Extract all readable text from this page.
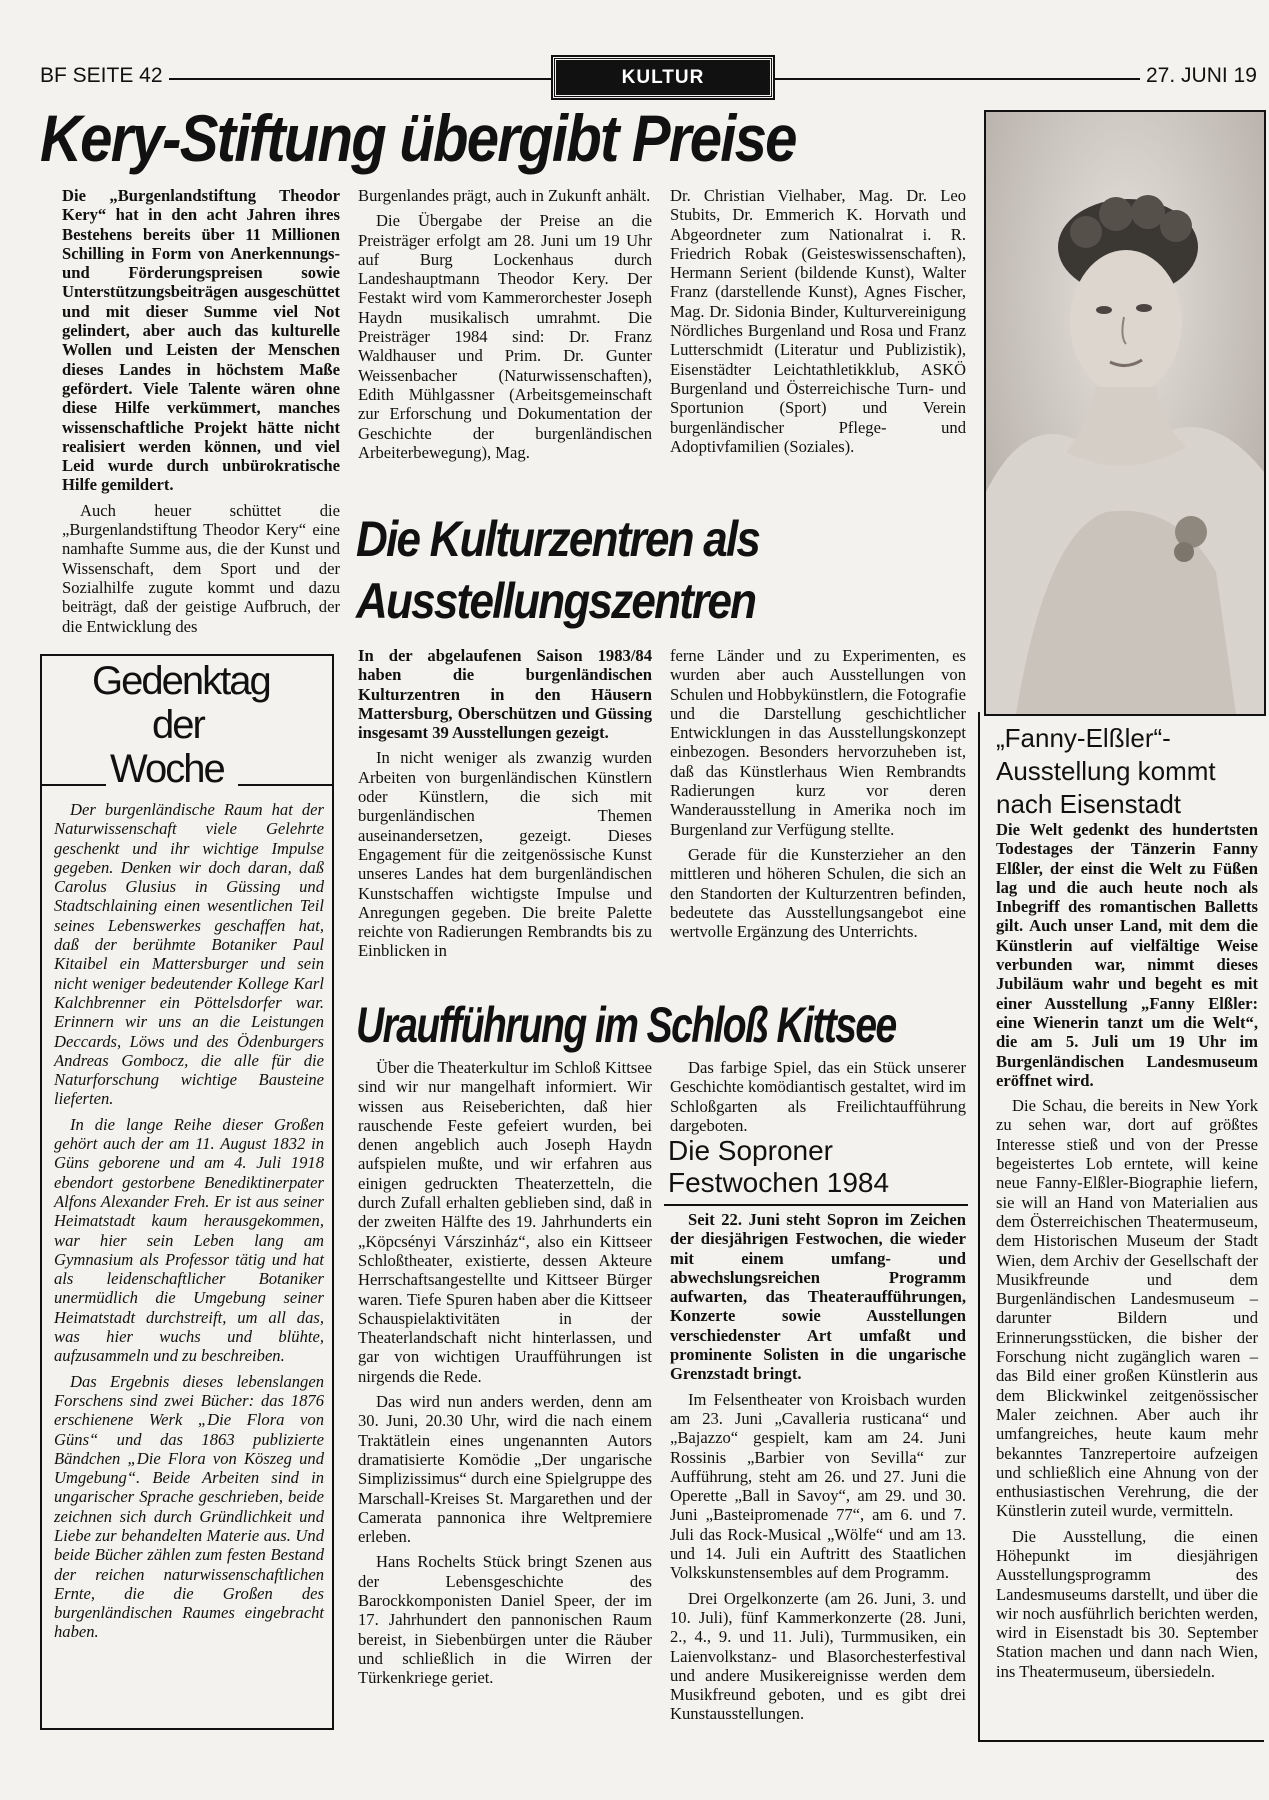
BF SEITE 42	KULTUR	27. JUNI 19
Kery-Stiftung übergibt Preise

Die „Burgenlandstiftung Theodor Kery“ hat in den acht Jahren ihres Bestehens bereits über 11 Millionen Schilling in Form von Anerkennungs- und Förderungspreisen sowie Unterstützungsbeiträgen ausgeschüttet und mit dieser Summe viel Not gelindert, aber auch das kulturelle Wollen und Leisten der Menschen dieses Landes in höchstem Maße gefördert. Viele Talente wären ohne diese Hilfe verkümmert, manches wissenschaftliche Projekt hätte nicht realisiert werden können, und viel Leid wurde durch unbürokratische Hilfe gemildert.

Auch heuer schüttet die „Burgenlandstiftung Theodor Kery“ eine namhafte Summe aus, die der Kunst und Wissenschaft, dem Sport und der Sozialhilfe zugute kommt und dazu beiträgt, daß der geistige Aufbruch, der die Entwicklung des

Burgenlandes prägt, auch in Zukunft anhält.

Die Übergabe der Preise an die Preisträger erfolgt am 28. Juni um 19 Uhr auf Burg Lockenhaus durch Landeshauptmann Theodor Kery. Der Festakt wird vom Kammerorchester Joseph Haydn musikalisch umrahmt. Die Preisträger 1984 sind: Dr. Franz Waldhauser und Prim. Dr. Gunter Weissenbacher (Naturwissenschaften), Edith Mühlgassner (Arbeitsgemeinschaft zur Erforschung und Dokumentation der Geschichte der burgenländischen Arbeiterbewegung), Mag.

Dr. Christian Vielhaber, Mag. Dr. Leo Stubits, Dr. Emmerich K. Horvath und Abgeordneter zum Nationalrat i. R. Friedrich Robak (Geisteswissenschaften), Hermann Serient (bildende Kunst), Walter Franz (darstellende Kunst), Agnes Fischer, Mag. Dr. Sidonia Binder, Kulturvereinigung Nördliches Burgenland und Rosa und Franz Lutterschmidt (Literatur und Publizistik), Eisenstädter Leichtathletikklub, ASKÖ Burgenland und Österreichische Turn- und Sportunion (Sport) und Verein burgenländischer Pflege- und Adoptivfamilien (Soziales).

„Fanny-Elßler“-
Ausstellung kommt
nach Eisenstadt

Die Welt gedenkt des hundertsten Todestages der Tänzerin Fanny Elßler, der einst die Welt zu Füßen lag und die auch heute noch als Inbegriff des romantischen Balletts gilt. Auch unser Land, mit dem die Künstlerin auf vielfältige Weise verbunden war, nimmt dieses Jubiläum wahr und begeht es mit einer Ausstellung „Fanny Elßler: eine Wienerin tanzt um die Welt“, die am 5. Juli um 19 Uhr im Burgenländischen Landesmuseum eröffnet wird.

Die Schau, die bereits in New York zu sehen war, dort auf größtes Interesse stieß und von der Presse begeistertes Lob erntete, will keine neue Fanny-Elßler-Biographie liefern, sie will an Hand von Materialien aus dem Österreichischen Theatermuseum, dem Historischen Museum der Stadt Wien, dem Archiv der Gesellschaft der Musikfreunde und dem Burgenländischen Landesmuseum – darunter Bildern und Erinnerungsstücken, die bisher der Forschung nicht zugänglich waren – das Bild einer großen Künstlerin aus dem Blickwinkel zeitgenössischer Maler zeichnen. Aber auch ihr umfangreiches, heute kaum mehr bekanntes Tanzrepertoire aufzeigen und schließlich eine Ahnung von der enthusiastischen Verehrung, die der Künstlerin zuteil wurde, vermitteln.

Die Ausstellung, die einen Höhepunkt im diesjährigen Ausstellungsprogramm des Landesmuseums darstellt, und über die wir noch ausführlich berichten werden, wird in Eisenstadt bis 30. September Station machen und dann nach Wien, ins Theatermuseum, übersiedeln.

Die Kulturzentren als
Ausstellungszentren

In der abgelaufenen Saison 1983/84 haben die burgenländischen Kulturzentren in den Häusern Mattersburg, Oberschützen und Güssing insgesamt 39 Ausstellungen gezeigt.

In nicht weniger als zwanzig wurden Arbeiten von burgenländischen Künstlern oder Künstlern, die sich mit burgenländischen Themen auseinandersetzen, gezeigt. Dieses Engagement für die zeitgenössische Kunst unseres Landes hat dem burgenländischen Kunstschaffen wichtigste Impulse und Anregungen gegeben. Die breite Palette reichte von Radierungen Rembrandts bis zu Einblicken in

ferne Länder und zu Experimenten, es wurden aber auch Ausstellungen von Schulen und Hobbykünstlern, die Fotografie und die Darstellung geschichtlicher Entwicklungen in das Ausstellungskonzept einbezogen. Besonders hervorzuheben ist, daß das Künstlerhaus Wien Rembrandts Radierungen kurz vor deren Wanderausstellung in Amerika noch im Burgenland zur Verfügung stellte.

Gerade für die Kunsterzieher an den mittleren und höheren Schulen, die sich an den Standorten der Kulturzentren befinden, bedeutete das Ausstellungsangebot eine wertvolle Ergänzung des Unterrichts.

Gedenktag
der
Woche

Der burgenländische Raum hat der Naturwissenschaft viele Gelehrte geschenkt und ihr wichtige Impulse gegeben. Denken wir doch daran, daß Carolus Glusius in Güssing und Stadtschlaining einen wesentlichen Teil seines Lebenswerkes geschaffen hat, daß der berühmte Botaniker Paul Kitaibel ein Mattersburger und sein nicht weniger bedeutender Kollege Karl Kalchbrenner ein Pöttelsdorfer war. Erinnern wir uns an die Leistungen Deccards, Löws und des Ödenburgers Andreas Gombocz, die alle für die Naturforschung wichtige Bausteine lieferten.

In die lange Reihe dieser Großen gehört auch der am 11. August 1832 in Güns geborene und am 4. Juli 1918 ebendort gestorbene Benediktinerpater Alfons Alexander Freh. Er ist aus seiner Heimatstadt kaum herausgekommen, war hier sein Leben lang am Gymnasium als Professor tätig und hat als leidenschaftlicher Botaniker unermüdlich die Umgebung seiner Heimatstadt durchstreift, um all das, was hier wuchs und blühte, aufzusammeln und zu beschreiben.

Das Ergebnis dieses lebenslangen Forschens sind zwei Bücher: das 1876 erschienene Werk „Die Flora von Güns“ und das 1863 publizierte Bändchen „Die Flora von Köszeg und Umgebung“. Beide Arbeiten sind in ungarischer Sprache geschrieben, beide zeichnen sich durch Gründlichkeit und Liebe zur behandelten Materie aus. Und beide Bücher zählen zum festen Bestand der reichen naturwissenschaftlichen Ernte, die die Großen des burgenländischen Raumes eingebracht haben.

Uraufführung im Schloß Kittsee

Über die Theaterkultur im Schloß Kittsee sind wir nur mangelhaft informiert. Wir wissen aus Reiseberichten, daß hier rauschende Feste gefeiert wurden, bei denen angeblich auch Joseph Haydn aufspielen mußte, und wir erfahren aus einigen gedruckten Theaterzetteln, die durch Zufall erhalten geblieben sind, daß in der zweiten Hälfte des 19. Jahrhunderts ein „Köpcsényi Várszinház“, also ein Kittseer Schloßtheater, existierte, dessen Akteure Herrschaftsangestellte und Kittseer Bürger waren. Tiefe Spuren haben aber die Kittseer Schauspielaktivitäten in der Theaterlandschaft nicht hinterlassen, und gar von wichtigen Uraufführungen ist nirgends die Rede.

Das wird nun anders werden, denn am 30. Juni, 20.30 Uhr, wird die nach einem Traktätlein eines ungenannten Autors dramatisierte Komödie „Der ungarische Simplizissimus“ durch eine Spielgruppe des Marschall-Kreises St. Margarethen und der Camerata pannonica ihre Weltpremiere erleben.

Hans Rochelts Stück bringt Szenen aus der Lebensgeschichte des Barockkomponisten Daniel Speer, der im 17. Jahrhundert den pannonischen Raum bereist, in Siebenbürgen unter die Räuber und schließlich in die Wirren der Türkenkriege geriet.

Das farbige Spiel, das ein Stück unserer Geschichte komödiantisch gestaltet, wird im Schloßgarten als Freilichtaufführung dargeboten.

Die Soproner
Festwochen 1984

Seit 22. Juni steht Sopron im Zeichen der diesjährigen Festwochen, die wieder mit einem umfang- und abwechslungsreichen Programm aufwarten, das Theateraufführungen, Konzerte sowie Ausstellungen verschiedenster Art umfaßt und prominente Solisten in die ungarische Grenzstadt bringt.

Im Felsentheater von Kroisbach wurden am 23. Juni „Cavalleria rusticana“ und „Bajazzo“ gespielt, kam am 24. Juni Rossinis „Barbier von Sevilla“ zur Aufführung, steht am 26. und 27. Juni die Operette „Ball in Savoy“, am 29. und 30. Juni „Basteipromenade 77“, am 6. und 7. Juli das Rock-Musical „Wölfe“ und am 13. und 14. Juli ein Auftritt des Staatlichen Volkskunstensembles auf dem Programm.

Drei Orgelkonzerte (am 26. Juni, 3. und 10. Juli), fünf Kammerkonzerte (28. Juni, 2., 4., 9. und 11. Juli), Turmmusiken, ein Laienvolkstanz- und Blasorchesterfestival und andere Musikereignisse werden dem Musikfreund geboten, und es gibt drei Kunstausstellungen.
